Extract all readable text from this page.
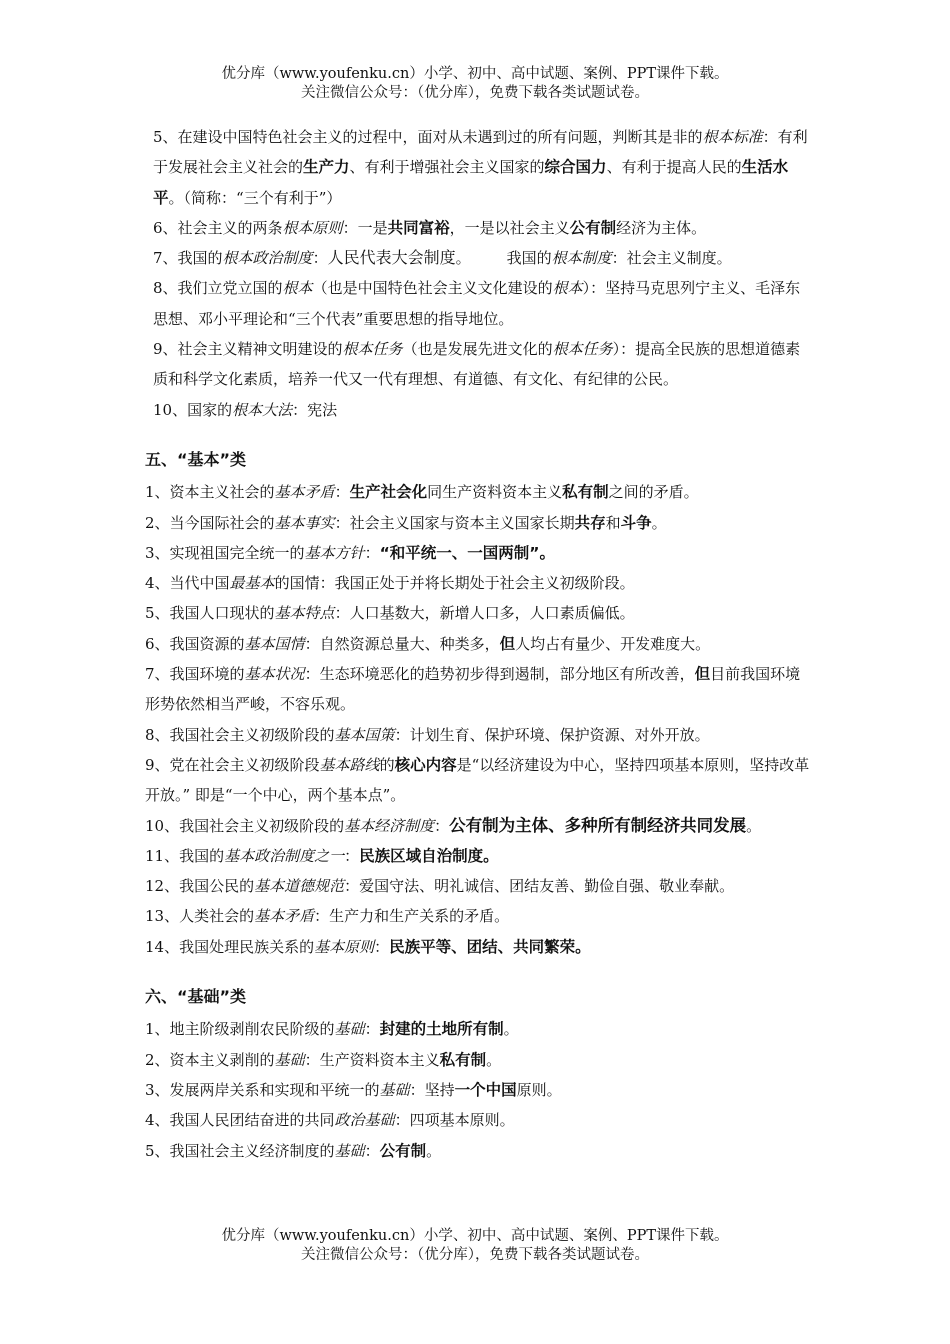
优分库（www.youfenku.cn）小学、初中、高中试题、案例、PPT课件下载。
关注微信公众号：（优分库），免费下载各类试题试卷。

5、在建设中国特色社会主义的过程中，面对从未遇到过的所有问题，判断其是非的根本标准：有利于发展社会主义社会的生产力、有利于增强社会主义国家的综合国力、有利于提高人民的生活水平。（简称：“三个有利于”）

6、社会主义的两条根本原则：一是共同富裕，一是以社会主义公有制经济为主体。

7、我国的根本政治制度：人民代表大会制度。 我国的根本制度：社会主义制度。

8、我们立党立国的根本（也是中国特色社会主义文化建设的根本）：坚持马克思列宁主义、毛泽东思想、邓小平理论和“三个代表”重要思想的指导地位。

9、社会主义精神文明建设的根本任务（也是发展先进文化的根本任务）：提高全民族的思想道德素质和科学文化素质，培养一代又一代有理想、有道德、有文化、有纪律的公民。

10、国家的根本大法：宪法

五、“基本”类

1、资本主义社会的基本矛盾：生产社会化同生产资料资本主义私有制之间的矛盾。

2、当今国际社会的基本事实：社会主义国家与资本主义国家长期共存和斗争。

3、实现祖国完全统一的基本方针：“和平统一、一国两制”。

4、当代中国最基本的国情：我国正处于并将长期处于社会主义初级阶段。

5、我国人口现状的基本特点：人口基数大，新增人口多，人口素质偏低。

6、我国资源的基本国情：自然资源总量大、种类多，但人均占有量少、开发难度大。

7、我国环境的基本状况：生态环境恶化的趋势初步得到遏制，部分地区有所改善，但目前我国环境形势依然相当严峻，不容乐观。

8、我国社会主义初级阶段的基本国策：计划生育、保护环境、保护资源、对外开放。

9、党在社会主义初级阶段基本路线的核心内容是“以经济建设为中心，坚持四项基本原则，坚持改革开放。” 即是“一个中心，两个基本点”。

10、我国社会主义初级阶段的基本经济制度：公有制为主体、多种所有制经济共同发展。

11、我国的基本政治制度之一：民族区域自治制度。

12、我国公民的基本道德规范：爱国守法、明礼诚信、团结友善、勤俭自强、敬业奉献。

13、人类社会的基本矛盾：生产力和生产关系的矛盾。

14、我国处理民族关系的基本原则：民族平等、团结、共同繁荣。

六、“基础”类

1、地主阶级剥削农民阶级的基础：封建的土地所有制。

2、资本主义剥削的基础：生产资料资本主义私有制。

3、发展两岸关系和实现和平统一的基础：坚持一个中国原则。

4、我国人民团结奋进的共同政治基础：四项基本原则。

5、我国社会主义经济制度的基础：公有制。

优分库（www.youfenku.cn）小学、初中、高中试题、案例、PPT课件下载。
关注微信公众号：（优分库），免费下载各类试题试卷。
